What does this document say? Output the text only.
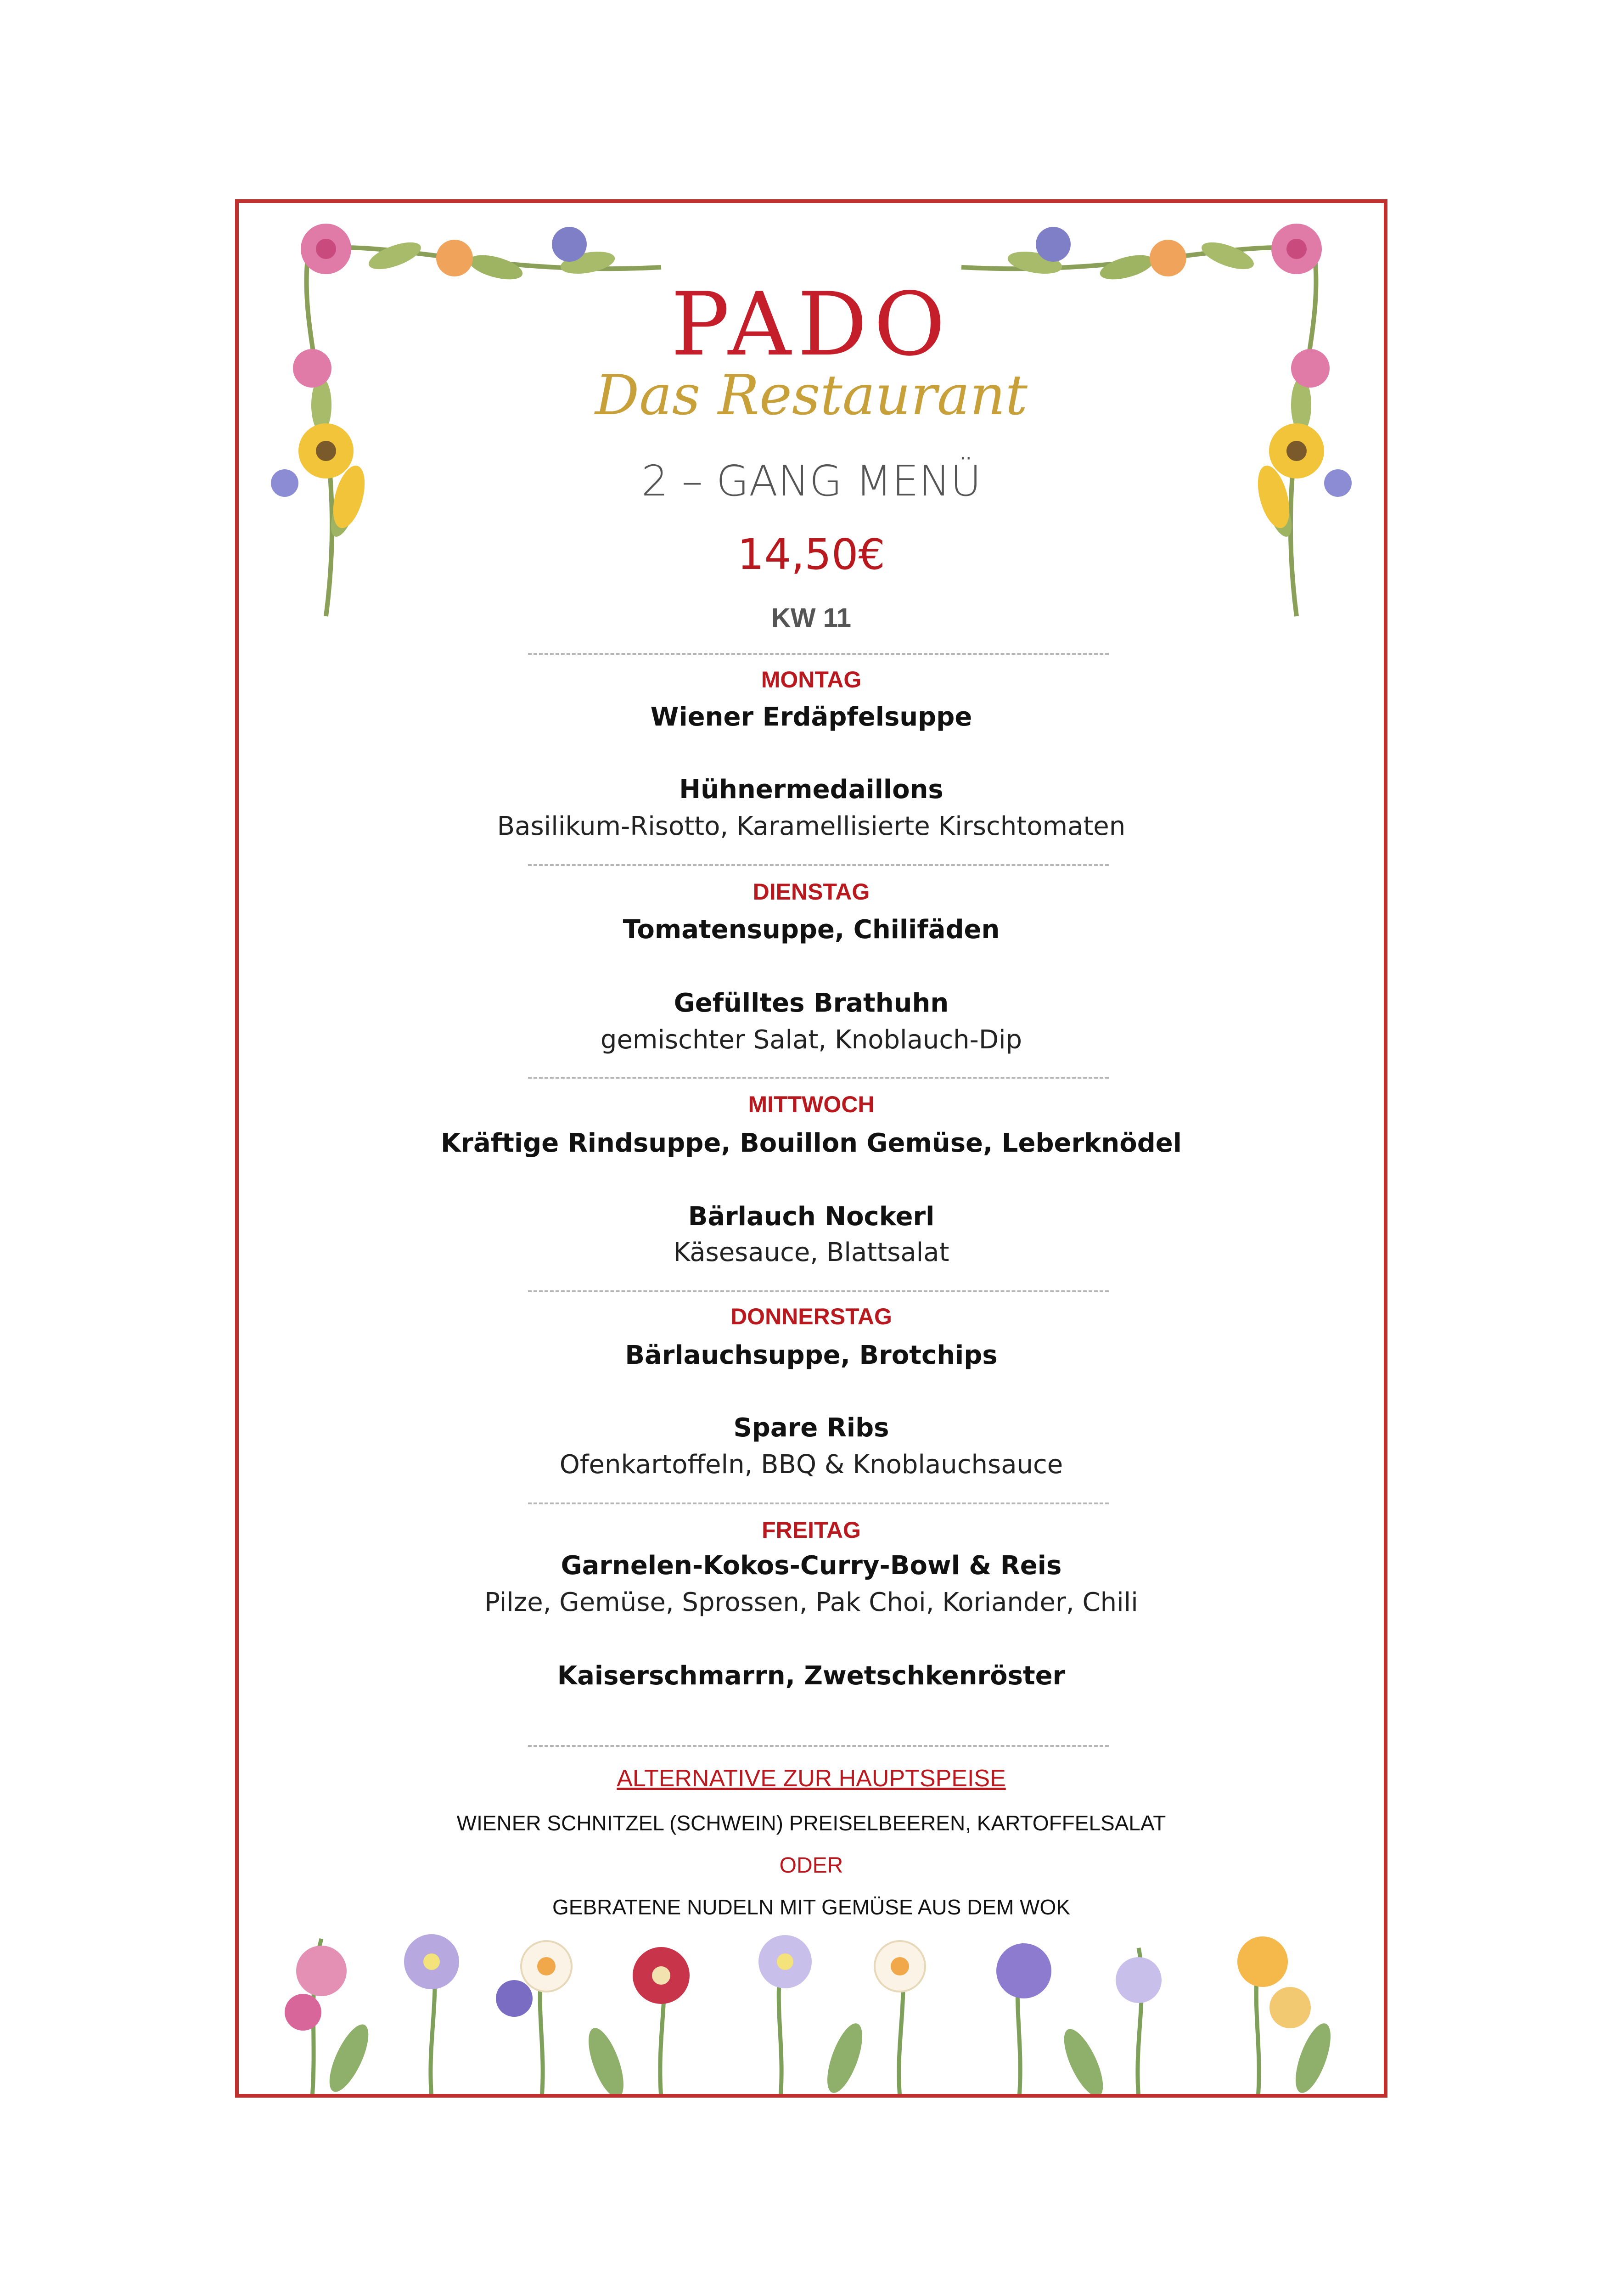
PADO
Das Restaurant
2 – GANG MENÜ
14,50€
KW 11
MONTAG
Wiener Erdäpfelsuppe
Hühnermedaillons
Basilikum-Risotto, Karamellisierte Kirschtomaten
DIENSTAG
Tomatensuppe, Chilifäden
Gefülltes Brathuhn
gemischter Salat, Knoblauch-Dip
MITTWOCH
Kräftige Rindsuppe, Bouillon Gemüse, Leberknödel
Bärlauch Nockerl
Käsesauce, Blattsalat
DONNERSTAG
Bärlauchsuppe, Brotchips
Spare Ribs
Ofenkartoffeln, BBQ & Knoblauchsauce
FREITAG
Garnelen-Kokos-Curry-Bowl & Reis
Pilze, Gemüse, Sprossen, Pak Choi, Koriander, Chili
Kaiserschmarrn, Zwetschkenröster
ALTERNATIVE ZUR HAUPTSPEISE
WIENER SCHNITZEL (SCHWEIN) PREISELBEEREN, KARTOFFELSALAT
ODER
GEBRATENE NUDELN MIT GEMÜSE AUS DEM WOK
